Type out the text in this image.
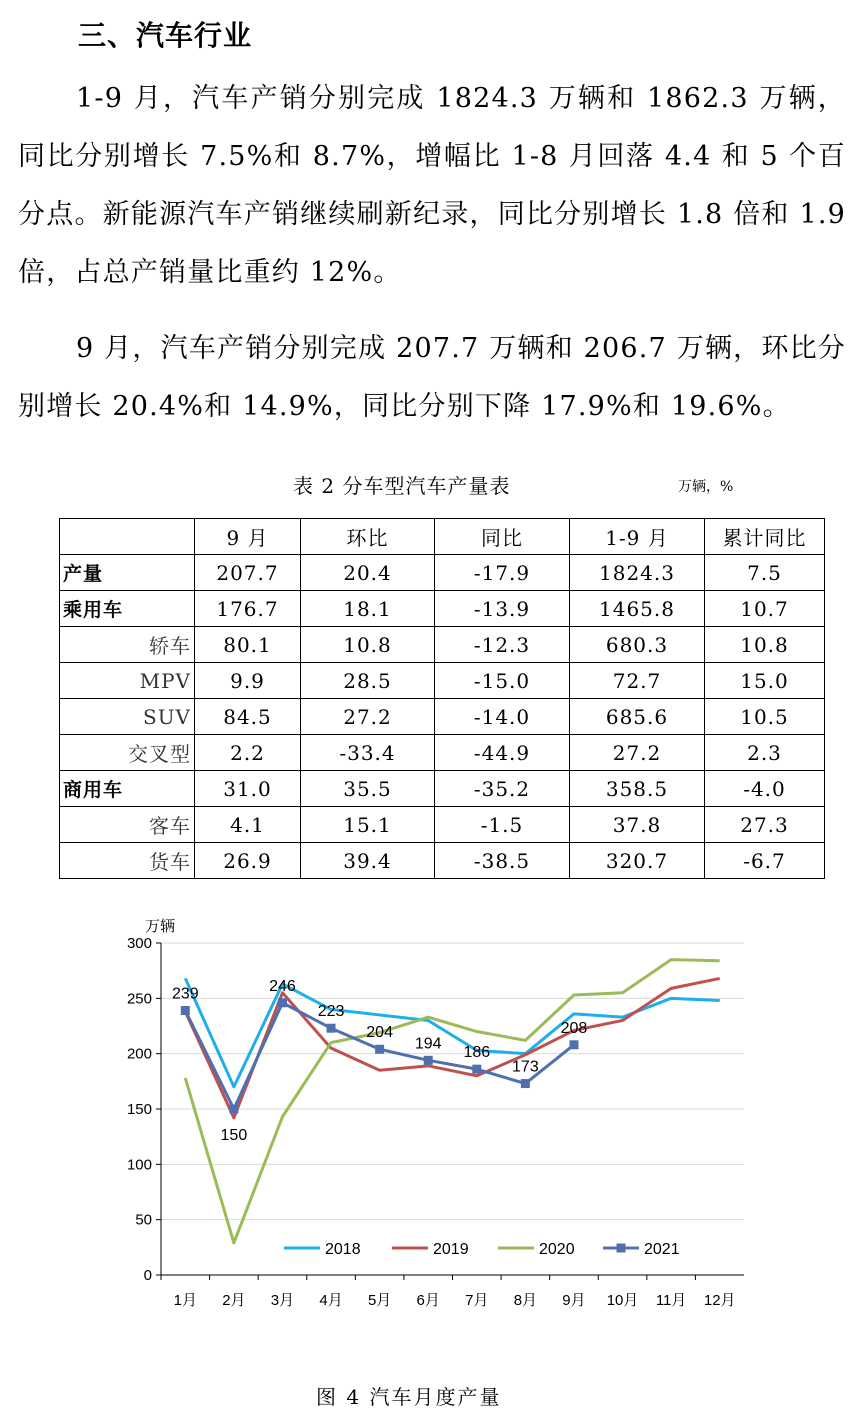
三、汽车行业
1-9 月，汽车产销分别完成 1824.3 万辆和 1862.3 万辆，同比分别增长 7.5%和 8.7%，增幅比 1-8 月回落 4.4 和 5 个百分点。新能源汽车产销继续刷新纪录，同比分别增长 1.8 倍和 1.9 倍，占总产销量比重约 12%。
9 月，汽车产销分别完成 207.7 万辆和 206.7 万辆，环比分别增长 20.4%和 14.9%，同比分别下降 17.9%和 19.6%。
表 2 分车型汽车产量表	万辆，%
	9 月	环比	同比	1-9 月	累计同比
产量	207.7	20.4	-17.9	1824.3	7.5
乘用车	176.7	18.1	-13.9	1465.8	10.7
轿车	80.1	10.8	-12.3	680.3	10.8
MPV	9.9	28.5	-15.0	72.7	15.0
SUV	84.5	27.2	-14.0	685.6	10.5
交叉型	2.2	-33.4	-44.9	27.2	2.3
商用车	31.0	35.5	-35.2	358.5	-4.0
客车	4.1	15.1	-1.5	37.8	27.3
货车	26.9	39.4	-38.5	320.7	-6.7
0
50
100
150
200
250
300
万辆
1月 2月 3月 4月 5月 6月 7月 8月 9月 10月 11月 12月
239
150
246
223
204
194
186
173
208
2018	2019	2020	2021
图 4 汽车月度产量
